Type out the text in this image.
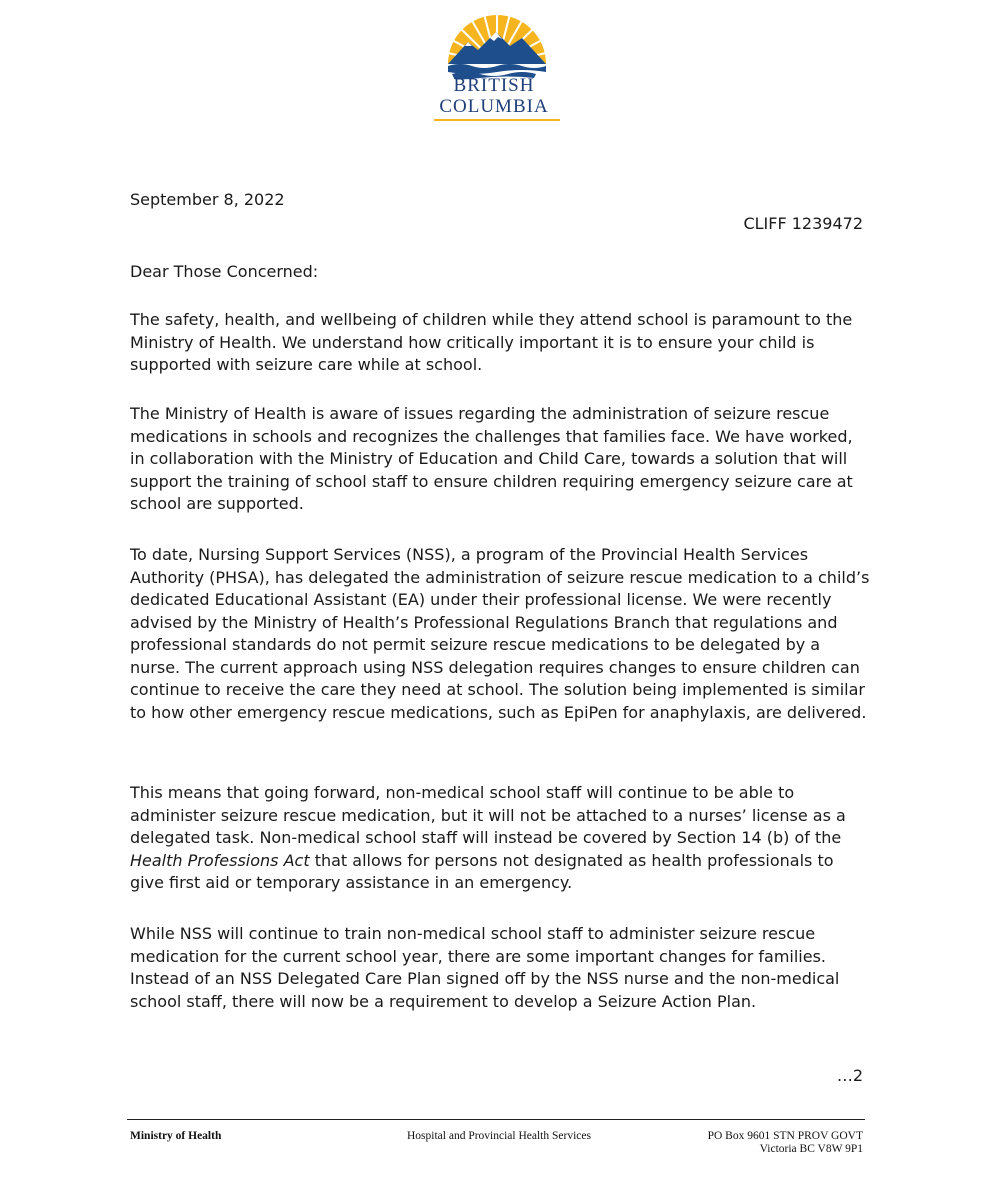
BRITISH
COLUMBIA
September 8, 2022
CLIFF 1239472
Dear Those Concerned:

The safety, health, and wellbeing of children while they attend school is paramount to the Ministry of Health. We understand how critically important it is to ensure your child is supported with seizure care while at school.

The Ministry of Health is aware of issues regarding the administration of seizure rescue medications in schools and recognizes the challenges that families face. We have worked, in collaboration with the Ministry of Education and Child Care, towards a solution that will support the training of school staff to ensure children requiring emergency seizure care at school are supported.

To date, Nursing Support Services (NSS), a program of the Provincial Health Services Authority (PHSA), has delegated the administration of seizure rescue medication to a child’s dedicated Educational Assistant (EA) under their professional license. We were recently advised by the Ministry of Health’s Professional Regulations Branch that regulations and professional standards do not permit seizure rescue medications to be delegated by a nurse. The current approach using NSS delegation requires changes to ensure children can continue to receive the care they need at school. The solution being implemented is similar to how other emergency rescue medications, such as EpiPen for anaphylaxis, are delivered.

This means that going forward, non-medical school staff will continue to be able to administer seizure rescue medication, but it will not be attached to a nurses’ license as a delegated task. Non-medical school staff will instead be covered by Section 14 (b) of the Health Professions Act that allows for persons not designated as health professionals to give first aid or temporary assistance in an emergency.

While NSS will continue to train non-medical school staff to administer seizure rescue medication for the current school year, there are some important changes for families. Instead of an NSS Delegated Care Plan signed off by the NSS nurse and the non-medical school staff, there will now be a requirement to develop a Seizure Action Plan.

…2
Ministry of Health	Hospital and Provincial Health Services	PO Box 9601 STN PROV GOVT
Victoria BC V8W 9P1
